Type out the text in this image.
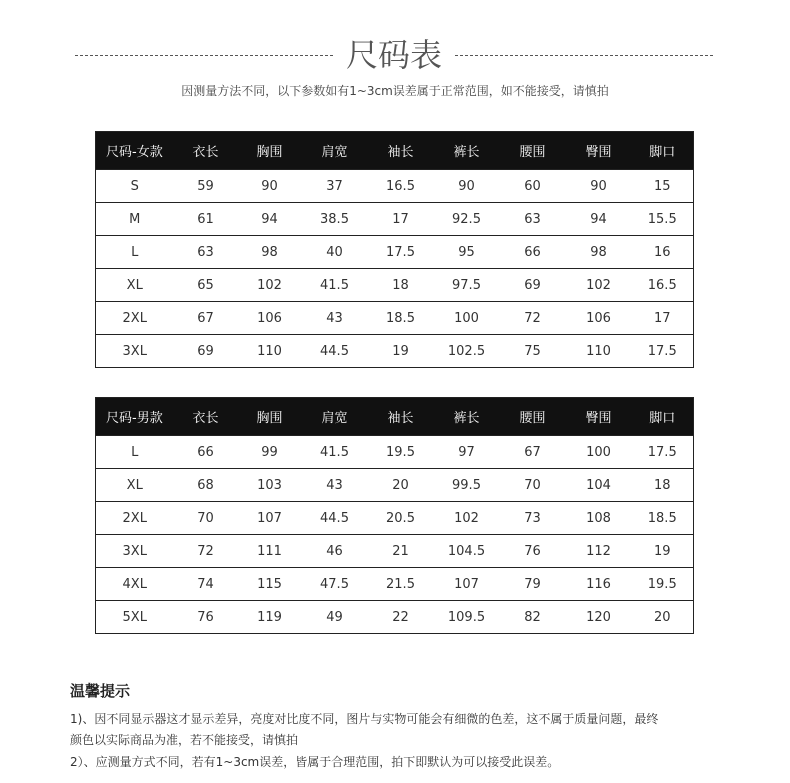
尺码表
因测量方法不同，以下参数如有1~3cm误差属于正常范围，如不能接受，请慎拍
尺码-女款	衣长	胸围	肩宽	袖长	裤长	腰围	臀围	脚口
S	59	90	37	16.5	90	60	90	15
M	61	94	38.5	17	92.5	63	94	15.5
L	63	98	40	17.5	95	66	98	16
XL	65	102	41.5	18	97.5	69	102	16.5
2XL	67	106	43	18.5	100	72	106	17
3XL	69	110	44.5	19	102.5	75	110	17.5
尺码-男款	衣长	胸围	肩宽	袖长	裤长	腰围	臀围	脚口
L	66	99	41.5	19.5	97	67	100	17.5
XL	68	103	43	20	99.5	70	104	18
2XL	70	107	44.5	20.5	102	73	108	18.5
3XL	72	111	46	21	104.5	76	112	19
4XL	74	115	47.5	21.5	107	79	116	19.5
5XL	76	119	49	22	109.5	82	120	20
温馨提示
1)、因不同显示器这才显示差异，亮度对比度不同，图片与实物可能会有细微的色差，这不属于质量问题，最终
颜色以实际商品为准，若不能接受，请慎拍
2）、应测量方式不同，若有1~3cm误差，皆属于合理范围，拍下即默认为可以接受此误差。
